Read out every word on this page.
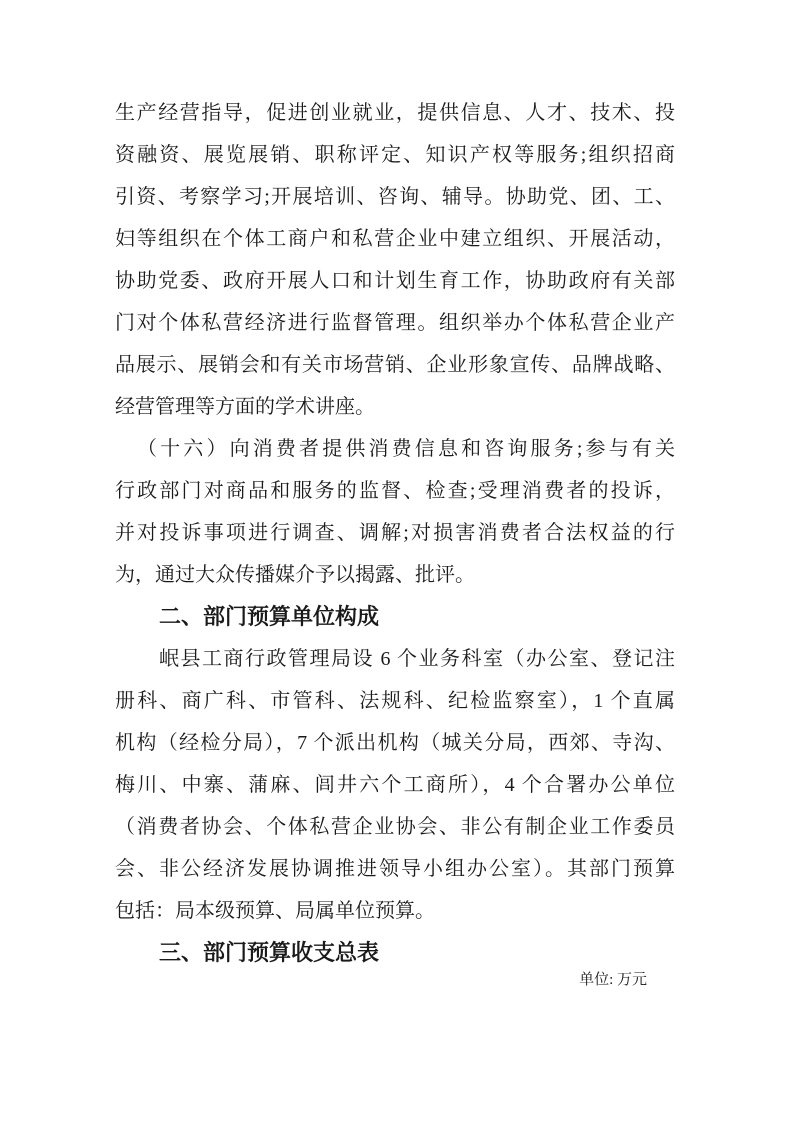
生产经营指导，促进创业就业，提供信息、人才、技术、投
资融资、展览展销、职称评定、知识产权等服务;组织招商
引资、考察学习;开展培训、咨询、辅导。协助党、团、工、
妇等组织在个体工商户和私营企业中建立组织、开展活动，
协助党委、政府开展人口和计划生育工作，协助政府有关部
门对个体私营经济进行监督管理。组织举办个体私营企业产
品展示、展销会和有关市场营销、企业形象宣传、品牌战略、
经营管理等方面的学术讲座。
（十六）向消费者提供消费信息和咨询服务;参与有关
行政部门对商品和服务的监督、检查;受理消费者的投诉，
并对投诉事项进行调查、调解;对损害消费者合法权益的行
为，通过大众传播媒介予以揭露、批评。
二、部门预算单位构成
岷县工商行政管理局设 6 个业务科室（办公室、登记注
册科、商广科、市管科、法规科、纪检监察室），1 个直属
机构（经检分局），7 个派出机构（城关分局，西郊、寺沟、
梅川、中寨、蒲麻、闾井六个工商所），4 个合署办公单位
（消费者协会、个体私营企业协会、非公有制企业工作委员
会、非公经济发展协调推进领导小组办公室）。其部门预算
包括：局本级预算、局属单位预算。
三、部门预算收支总表
单位: 万元
